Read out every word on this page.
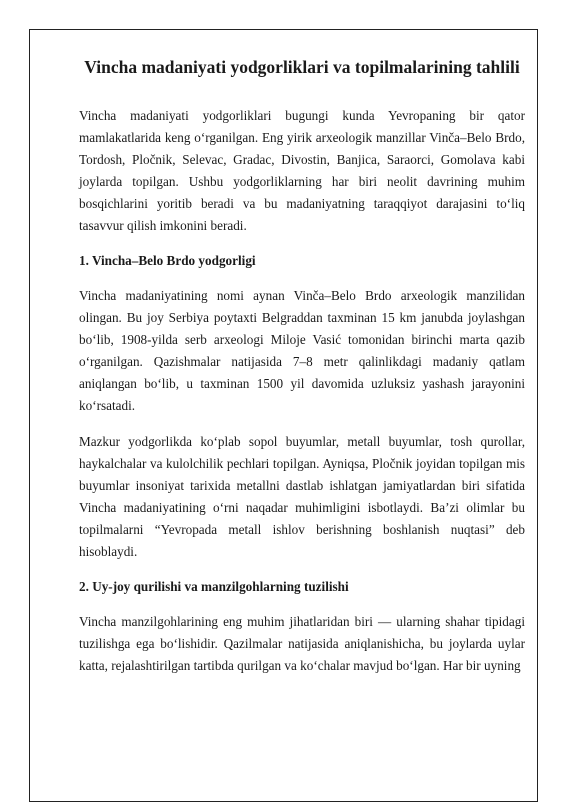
Vincha madaniyati yodgorliklari va topilmalarining tahlili

Vincha madaniyati yodgorliklari bugungi kunda Yevropaning bir qator mamlakatlarida keng o‘rganilgan. Eng yirik arxeologik manzillar Vinča–Belo Brdo, Tordosh, Pločnik, Selevac, Gradac, Divostin, Banjica, Saraorci, Gomolava kabi joylarda topilgan. Ushbu yodgorliklarning har biri neolit davrining muhim bosqichlarini yoritib beradi va bu madaniyatning taraqqiyot darajasini to‘liq tasavvur qilish imkonini beradi.

1. Vincha–Belo Brdo yodgorligi

Vincha madaniyatining nomi aynan Vinča–Belo Brdo arxeologik manzilidan olingan. Bu joy Serbiya poytaxti Belgraddan taxminan 15 km janubda joylashgan bo‘lib, 1908-yilda serb arxeologi Miloje Vasić tomonidan birinchi marta qazib o‘rganilgan. Qazishmalar natijasida 7–8 metr qalinlikdagi madaniy qatlam aniqlangan bo‘lib, u taxminan 1500 yil davomida uzluksiz yashash jarayonini ko‘rsatadi.

Mazkur yodgorlikda ko‘plab sopol buyumlar, metall buyumlar, tosh qurollar, haykalchalar va kulolchilik pechlari topilgan. Ayniqsa, Pločnik joyidan topilgan mis buyumlar insoniyat tarixida metallni dastlab ishlatgan jamiyatlardan biri sifatida Vincha madaniyatining o‘rni naqadar muhimligini isbotlaydi. Ba’zi olimlar bu topilmalarni “Yevropada metall ishlov berishning boshlanish nuqtasi” deb hisoblaydi.

2. Uy-joy qurilishi va manzilgohlarning tuzilishi

Vincha manzilgohlarining eng muhim jihatlaridan biri — ularning shahar tipidagi tuzilishga ega bo‘lishidir. Qazilmalar natijasida aniqlanishicha, bu joylarda uylar katta, rejalashtirilgan tartibda qurilgan va ko‘chalar mavjud bo‘lgan. Har bir uyning
